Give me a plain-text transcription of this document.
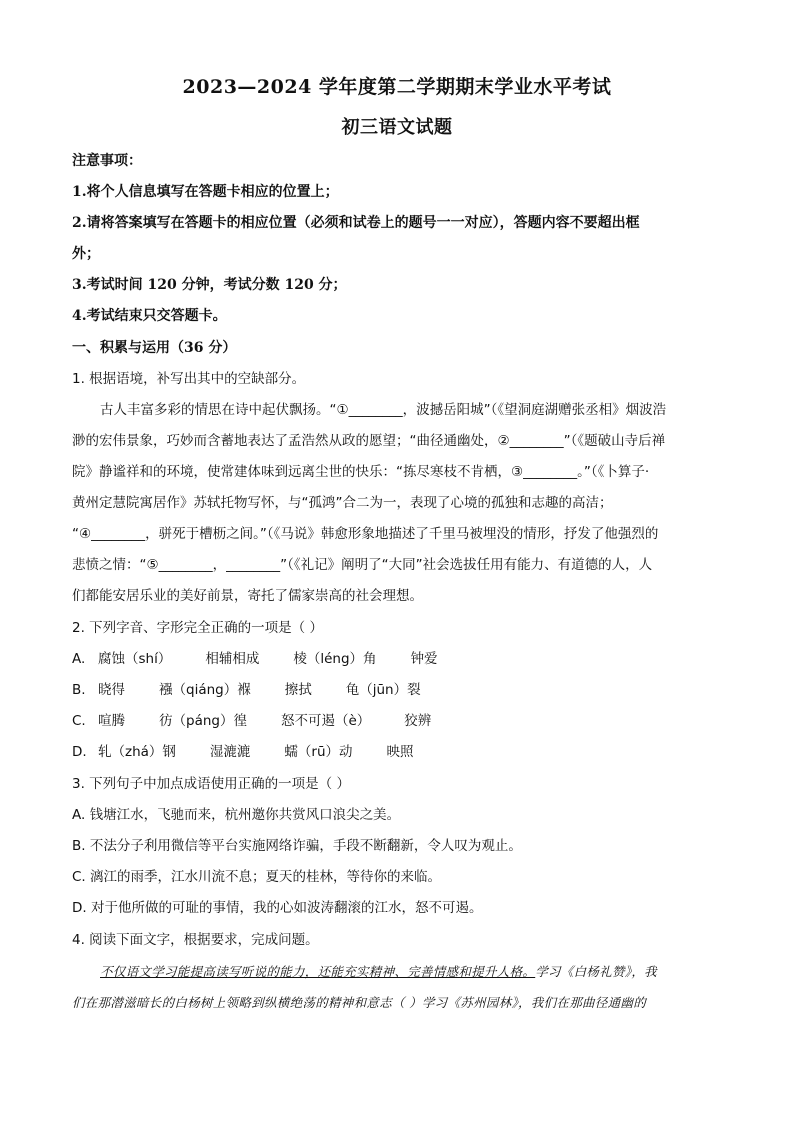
2023—2024 学年度第二学期期末学业水平考试
初三语文试题
注意事项：
1.将个人信息填写在答题卡相应的位置上；
2.请将答案填写在答题卡的相应位置（必须和试卷上的题号一一对应），答题内容不要超出框
外；
3.考试时间 120 分钟，考试分数 120 分；
4.考试结束只交答题卡。
一、积累与运用（36 分）
1. 根据语境，补写出其中的空缺部分。
古人丰富多彩的情思在诗中起伏飘扬。“①________，波撼岳阳城”（《望洞庭湖赠张丞相》烟波浩
渺的宏伟景象，巧妙而含蓄地表达了孟浩然从政的愿望；“曲径通幽处，②________”（《题破山寺后禅
院》静谧祥和的环境，使常建体味到远离尘世的快乐：“拣尽寒枝不肯栖，③________。”（《卜算子·
黄州定慧院寓居作》苏轼托物写怀，与“孤鸿”合二为一，表现了心境的孤独和志趣的高洁；
“④________，骈死于槽枥之间。”（《马说》韩愈形象地描述了千里马被埋没的情形，抒发了他强烈的
悲愤之情：“⑤________，________”（《礼记》阐明了“大同”社会选拔任用有能力、有道德的人，人
们都能安居乐业的美好前景，寄托了儒家崇高的社会理想。
2. 下列字音、字形完全正确的一项是（ ）
A. 腐蚀（shí）	相辅相成	棱（léng）角	钟爱
B. 晓得	襁（qiáng）褓	擦拭	龟（jūn）裂
C. 喧腾	彷（páng）徨	怒不可遏（è）	狡辨
D. 轧（zhá）钢	湿漉漉	蠕（rū）动	映照
3. 下列句子中加点成语使用正确的一项是（ ）
A. 钱塘江水，飞驰而来，杭州邀你共赏风口浪尖之美。
B. 不法分子利用微信等平台实施网络诈骗，手段不断翻新，令人叹为观止。
C. 漓江的雨季，江水川流不息；夏天的桂林，等待你的来临。
D. 对于他所做的可耻的事情，我的心如波涛翻滚的江水，怒不可遏。
4. 阅读下面文字，根据要求，完成问题。
不仅语文学习能提高读写听说的能力，还能充实精神、完善情感和提升人格。学习《白杨礼赞》，我
们在那潜滋暗长的白杨树上领略到纵横绝荡的精神和意志（ ）学习《苏州园林》，我们在那曲径通幽的
